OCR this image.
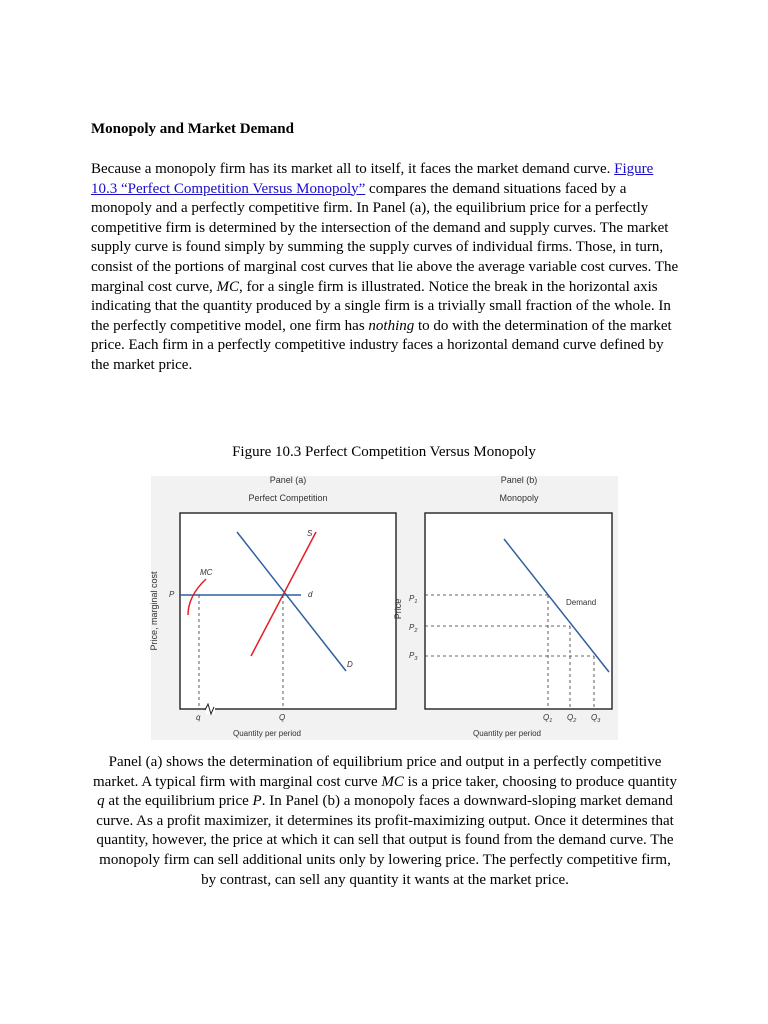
Monopoly and Market Demand
Because a monopoly firm has its market all to itself, it faces the market demand curve. Figure 10.3 “Perfect Competition Versus Monopoly” compares the demand situations faced by a monopoly and a perfectly competitive firm. In Panel (a), the equilibrium price for a perfectly competitive firm is determined by the intersection of the demand and supply curves. The market supply curve is found simply by summing the supply curves of individual firms. Those, in turn, consist of the portions of marginal cost curves that lie above the average variable cost curves. The marginal cost curve, MC, for a single firm is illustrated. Notice the break in the horizontal axis indicating that the quantity produced by a single firm is a trivially small fraction of the whole. In the perfectly competitive model, one firm has nothing to do with the determination of the market price. Each firm in a perfectly competitive industry faces a horizontal demand curve defined by the market price.
Figure 10.3 Perfect Competition Versus Monopoly
Panel (a)
Perfect Competition
Price, marginal cost P
MC
S
d
D
q	Q
Quantity per period
Panel (b)
Monopoly
Price	Demand
$P_1$
$P_2$
$P_3$
$Q_1$ $Q_2$ $Q_3$
Quantity per period
Panel (a) shows the determination of equilibrium price and output in a perfectly competitive market. A typical firm with marginal cost curve MC is a price taker, choosing to produce quantity q at the equilibrium price P. In Panel (b) a monopoly faces a downward-sloping market demand curve. As a profit maximizer, it determines its profit-maximizing output. Once it determines that quantity, however, the price at which it can sell that output is found from the demand curve. The monopoly firm can sell additional units only by lowering price. The perfectly competitive firm, by contrast, can sell any quantity it wants at the market price.
